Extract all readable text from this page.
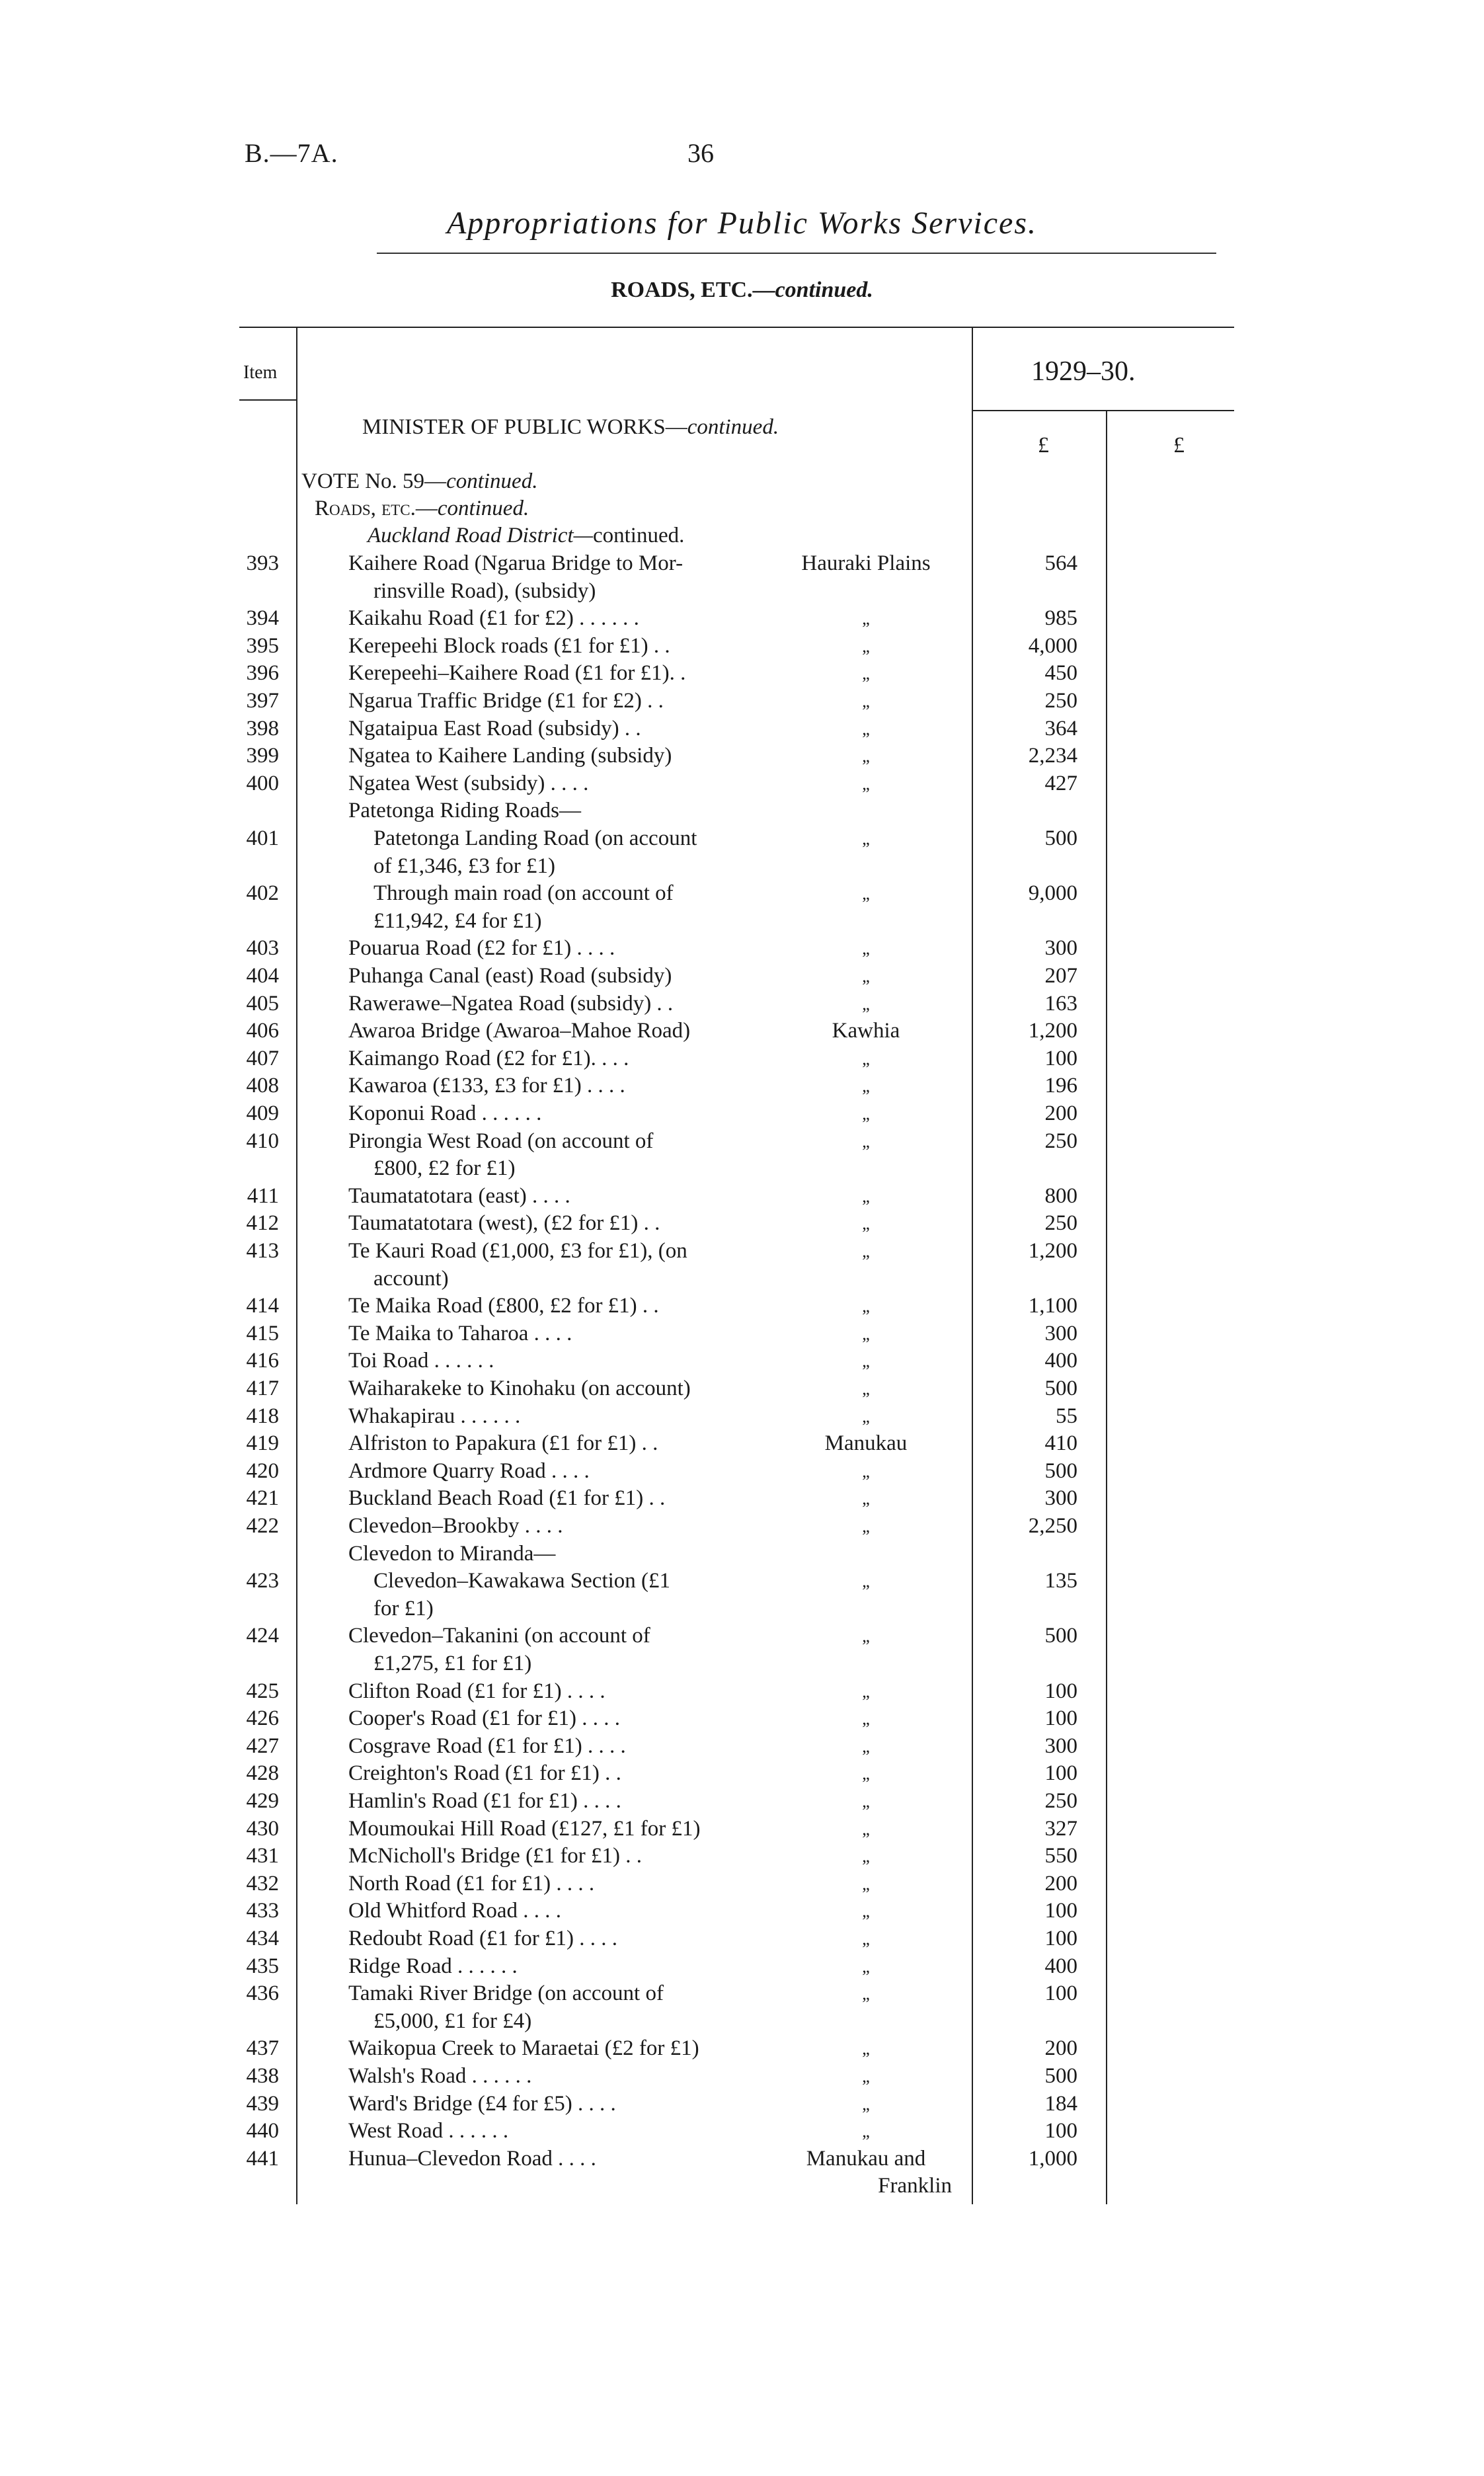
B.—7A.	36
Appropriations for Public Works Services.
ROADS, ETC.—continued.
Item	1929–30.
£	£
MINISTER OF PUBLIC WORKS—continued.
VOTE No. 59—continued.
Roads, etc.—continued.
Auckland Road District—continued.
393	Kaihere Road (Ngarua Bridge to Mor-
rinsville Road), (subsidy)
Hauraki Plains	564
394	Kaikahu Road (£1 for £2) . . . . . .	„	985
395	Kerepeehi Block roads (£1 for £1) . .	„	4,000
396	Kerepeehi–Kaihere Road (£1 for £1). .	„	450
397	Ngarua Traffic Bridge (£1 for £2) . .	„	250
398	Ngataipua East Road (subsidy) . .	„	364
399	Ngatea to Kaihere Landing (subsidy)	„	2,234
400	Ngatea West (subsidy) . . . .	„	427
Patetonga Riding Roads—
401	Patetonga Landing Road (on account
of £1,346, £3 for £1)
„	500
402	Through main road (on account of
£11,942, £4 for £1)
„	9,000
403	Pouarua Road (£2 for £1) . . . .	„	300
404	Puhanga Canal (east) Road (subsidy)	„	207
405	Rawerawe–Ngatea Road (subsidy) . .	„	163
406	Awaroa Bridge (Awaroa–Mahoe Road)	Kawhia	1,200
407	Kaimango Road (£2 for £1). . . .	„	100
408	Kawaroa (£133, £3 for £1) . . . .	„	196
409	Koponui Road . . . . . .	„	200
410	Pirongia West Road (on account of
£800, £2 for £1)
„	250
411	Taumatatotara (east) . . . .	„	800
412	Taumatatotara (west), (£2 for £1) . .	„	250
413	Te Kauri Road (£1,000, £3 for £1), (on
account)
„	1,200
414	Te Maika Road (£800, £2 for £1) . .	„	1,100
415	Te Maika to Taharoa . . . .	„	300
416	Toi Road . . . . . .	„	400
417	Waiharakeke to Kinohaku (on account)	„	500
418	Whakapirau . . . . . .	„	55
419	Alfriston to Papakura (£1 for £1) . .	Manukau	410
420	Ardmore Quarry Road . . . .	„	500
421	Buckland Beach Road (£1 for £1) . .	„	300
422	Clevedon–Brookby . . . .	„	2,250
Clevedon to Miranda—
423	Clevedon–Kawakawa Section (£1
for £1)
„	135
424	Clevedon–Takanini (on account of
£1,275, £1 for £1)
„	500
425	Clifton Road (£1 for £1) . . . .	„	100
426	Cooper's Road (£1 for £1) . . . .	„	100
427	Cosgrave Road (£1 for £1) . . . .	„	300
428	Creighton's Road (£1 for £1) . .	„	100
429	Hamlin's Road (£1 for £1) . . . .	„	250
430	Moumoukai Hill Road (£127, £1 for £1)	„	327
431	McNicholl's Bridge (£1 for £1) . .	„	550
432	North Road (£1 for £1) . . . .	„	200
433	Old Whitford Road . . . .	„	100
434	Redoubt Road (£1 for £1) . . . .	„	100
435	Ridge Road . . . . . .	„	400
436	Tamaki River Bridge (on account of
£5,000, £1 for £4)
„	100
437	Waikopua Creek to Maraetai (£2 for £1)	„	200
438	Walsh's Road . . . . . .	„	500
439	Ward's Bridge (£4 for £5) . . . .	„	184
440	West Road . . . . . .	„	100
441	Hunua–Clevedon Road . . . .	Manukau and
Franklin
1,000
